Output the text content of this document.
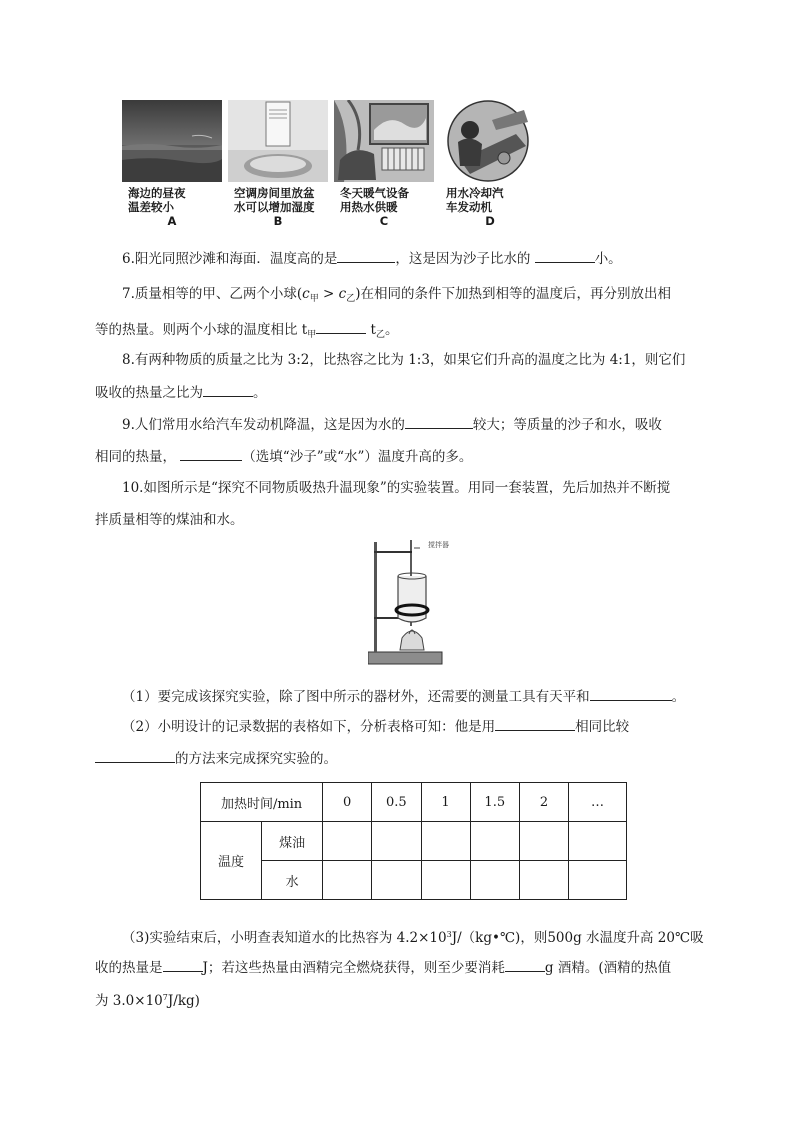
海边的昼夜
温差较小
A
空调房间里放盆
水可以增加湿度
B
冬天暖气设备
用热水供暖
C
用水冷却汽
车发动机
D
6.阳光同照沙滩和海面．温度高的是	，这是因为沙子比水的	小。
7.质量相等的甲、乙两个小球$(c_甲 > c_乙)$在相同的条件下加热到相等的温度后，再分别放出相
等的热量。则两个小球的温度相比 $t_甲$	$t_乙$。
8.有两种物质的质量之比为 3:2，比热容之比为 1:3，如果它们升高的温度之比为 4:1，则它们
吸收的热量之比为	。
9.人们常用水给汽车发动机降温，这是因为水的	较大；等质量的沙子和水，吸收
相同的热量，	（选填“沙子”或“水”）温度升高的多。
10.如图所示是“探究不同物质吸热升温现象”的实验装置。用同一套装置，先后加热并不断搅
拌质量相等的煤油和水。
搅拌器
（1）要完成该探究实验，除了图中所示的器材外，还需要的测量工具有天平和	。
（2）小明设计的记录数据的表格如下，分析表格可知：他是用	相同比较
的方法来完成探究实验的。
加热时间/min		0	0.5	1	1.5	2	…
温度	煤油						
	水						
（3)实验结束后，小明查表知道水的比热容为 $4.2\times 10^3J/(kg•℃)$，则500g 水温度升高 20℃吸
收的热量是	J；若这些热量由酒精完全燃烧获得，则至少要消耗	g 酒精。(酒精的热值
为 $3.0\times 10^7J/kg$)
